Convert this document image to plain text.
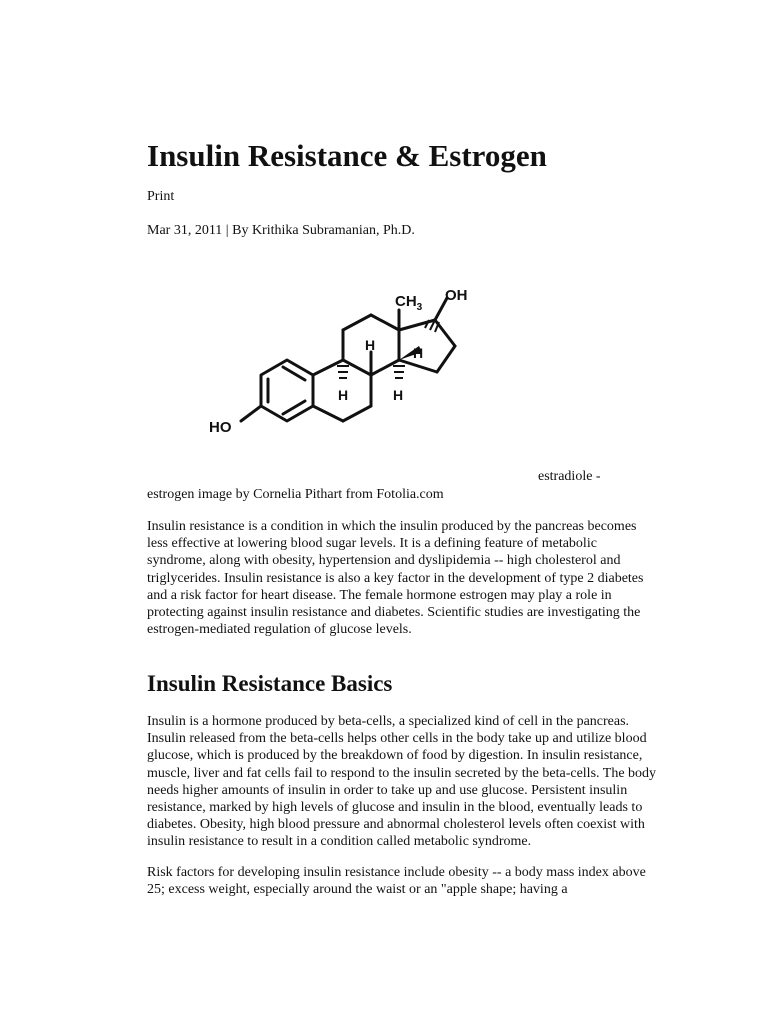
Insulin Resistance & Estrogen
Print
Mar 31, 2011 | By Krithika Subramanian, Ph.D.
HO
$CH_3$
OH
H	H
H	H
estradiole -
estrogen image by Cornelia Pithart from Fotolia.com

Insulin resistance is a condition in which the insulin produced by the pancreas becomes less effective at lowering blood sugar levels. It is a defining feature of metabolic syndrome, along with obesity, hypertension and dyslipidemia -- high cholesterol and triglycerides. Insulin resistance is also a key factor in the development of type 2 diabetes and a risk factor for heart disease. The female hormone estrogen may play a role in protecting against insulin resistance and diabetes. Scientific studies are investigating the estrogen-mediated regulation of glucose levels.

Insulin Resistance Basics

Insulin is a hormone produced by beta-cells, a specialized kind of cell in the pancreas. Insulin released from the beta-cells helps other cells in the body take up and utilize blood glucose, which is produced by the breakdown of food by digestion. In insulin resistance, muscle, liver and fat cells fail to respond to the insulin secreted by the beta-cells. The body needs higher amounts of insulin in order to take up and use glucose. Persistent insulin resistance, marked by high levels of glucose and insulin in the blood, eventually leads to diabetes. Obesity, high blood pressure and abnormal cholesterol levels often coexist with insulin resistance to result in a condition called metabolic syndrome.

Risk factors for developing insulin resistance include obesity -- a body mass index above 25; excess weight, especially around the waist or an "apple shape; having a
